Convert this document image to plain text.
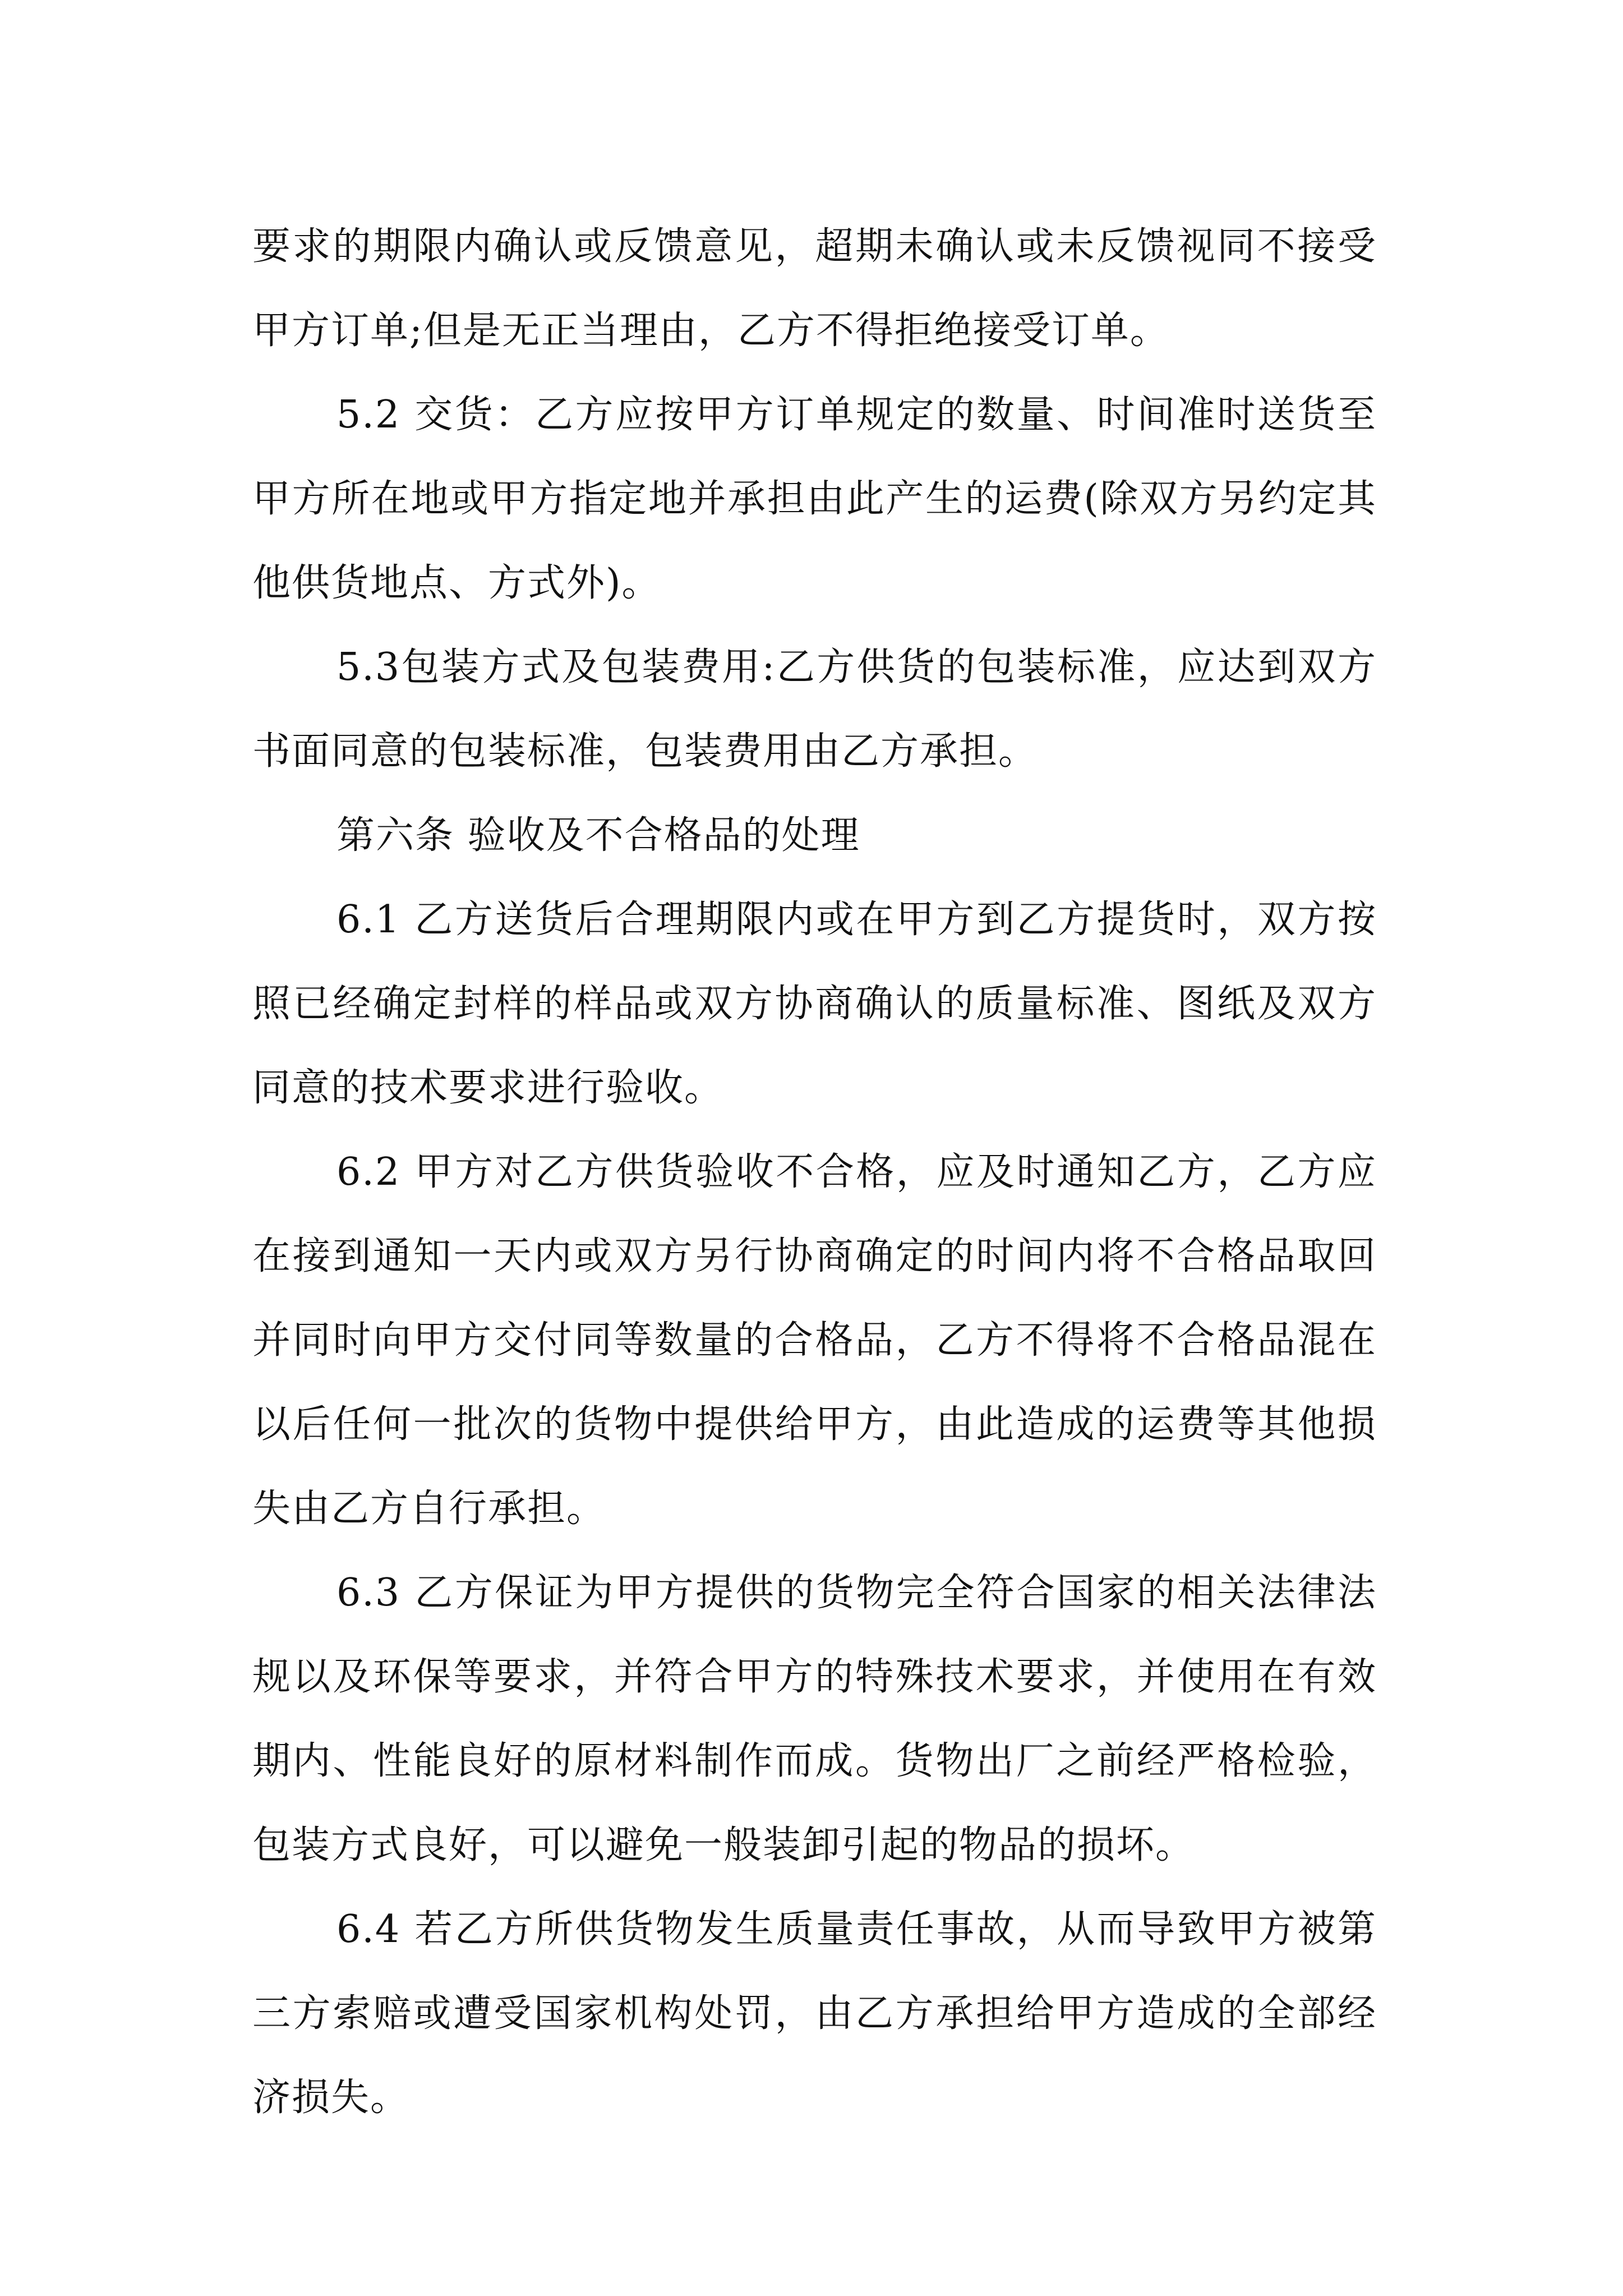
要求的期限内确认或反馈意见，超期未确认或未反馈视同不接受甲方订单;但是无正当理由，乙方不得拒绝接受订单。

5.2 交货：乙方应按甲方订单规定的数量、时间准时送货至甲方所在地或甲方指定地并承担由此产生的运费(除双方另约定其他供货地点、方式外)。

5.3包装方式及包装费用:乙方供货的包装标准，应达到双方书面同意的包装标准，包装费用由乙方承担。

第六条 验收及不合格品的处理

6.1 乙方送货后合理期限内或在甲方到乙方提货时，双方按照已经确定封样的样品或双方协商确认的质量标准、图纸及双方同意的技术要求进行验收。

6.2 甲方对乙方供货验收不合格，应及时通知乙方，乙方应在接到通知一天内或双方另行协商确定的时间内将不合格品取回并同时向甲方交付同等数量的合格品，乙方不得将不合格品混在以后任何一批次的货物中提供给甲方，由此造成的运费等其他损失由乙方自行承担。

6.3 乙方保证为甲方提供的货物完全符合国家的相关法律法规以及环保等要求，并符合甲方的特殊技术要求，并使用在有效期内、性能良好的原材料制作而成。货物出厂之前经严格检验，包装方式良好，可以避免一般装卸引起的物品的损坏。

6.4 若乙方所供货物发生质量责任事故，从而导致甲方被第三方索赔或遭受国家机构处罚，由乙方承担给甲方造成的全部经济损失。
